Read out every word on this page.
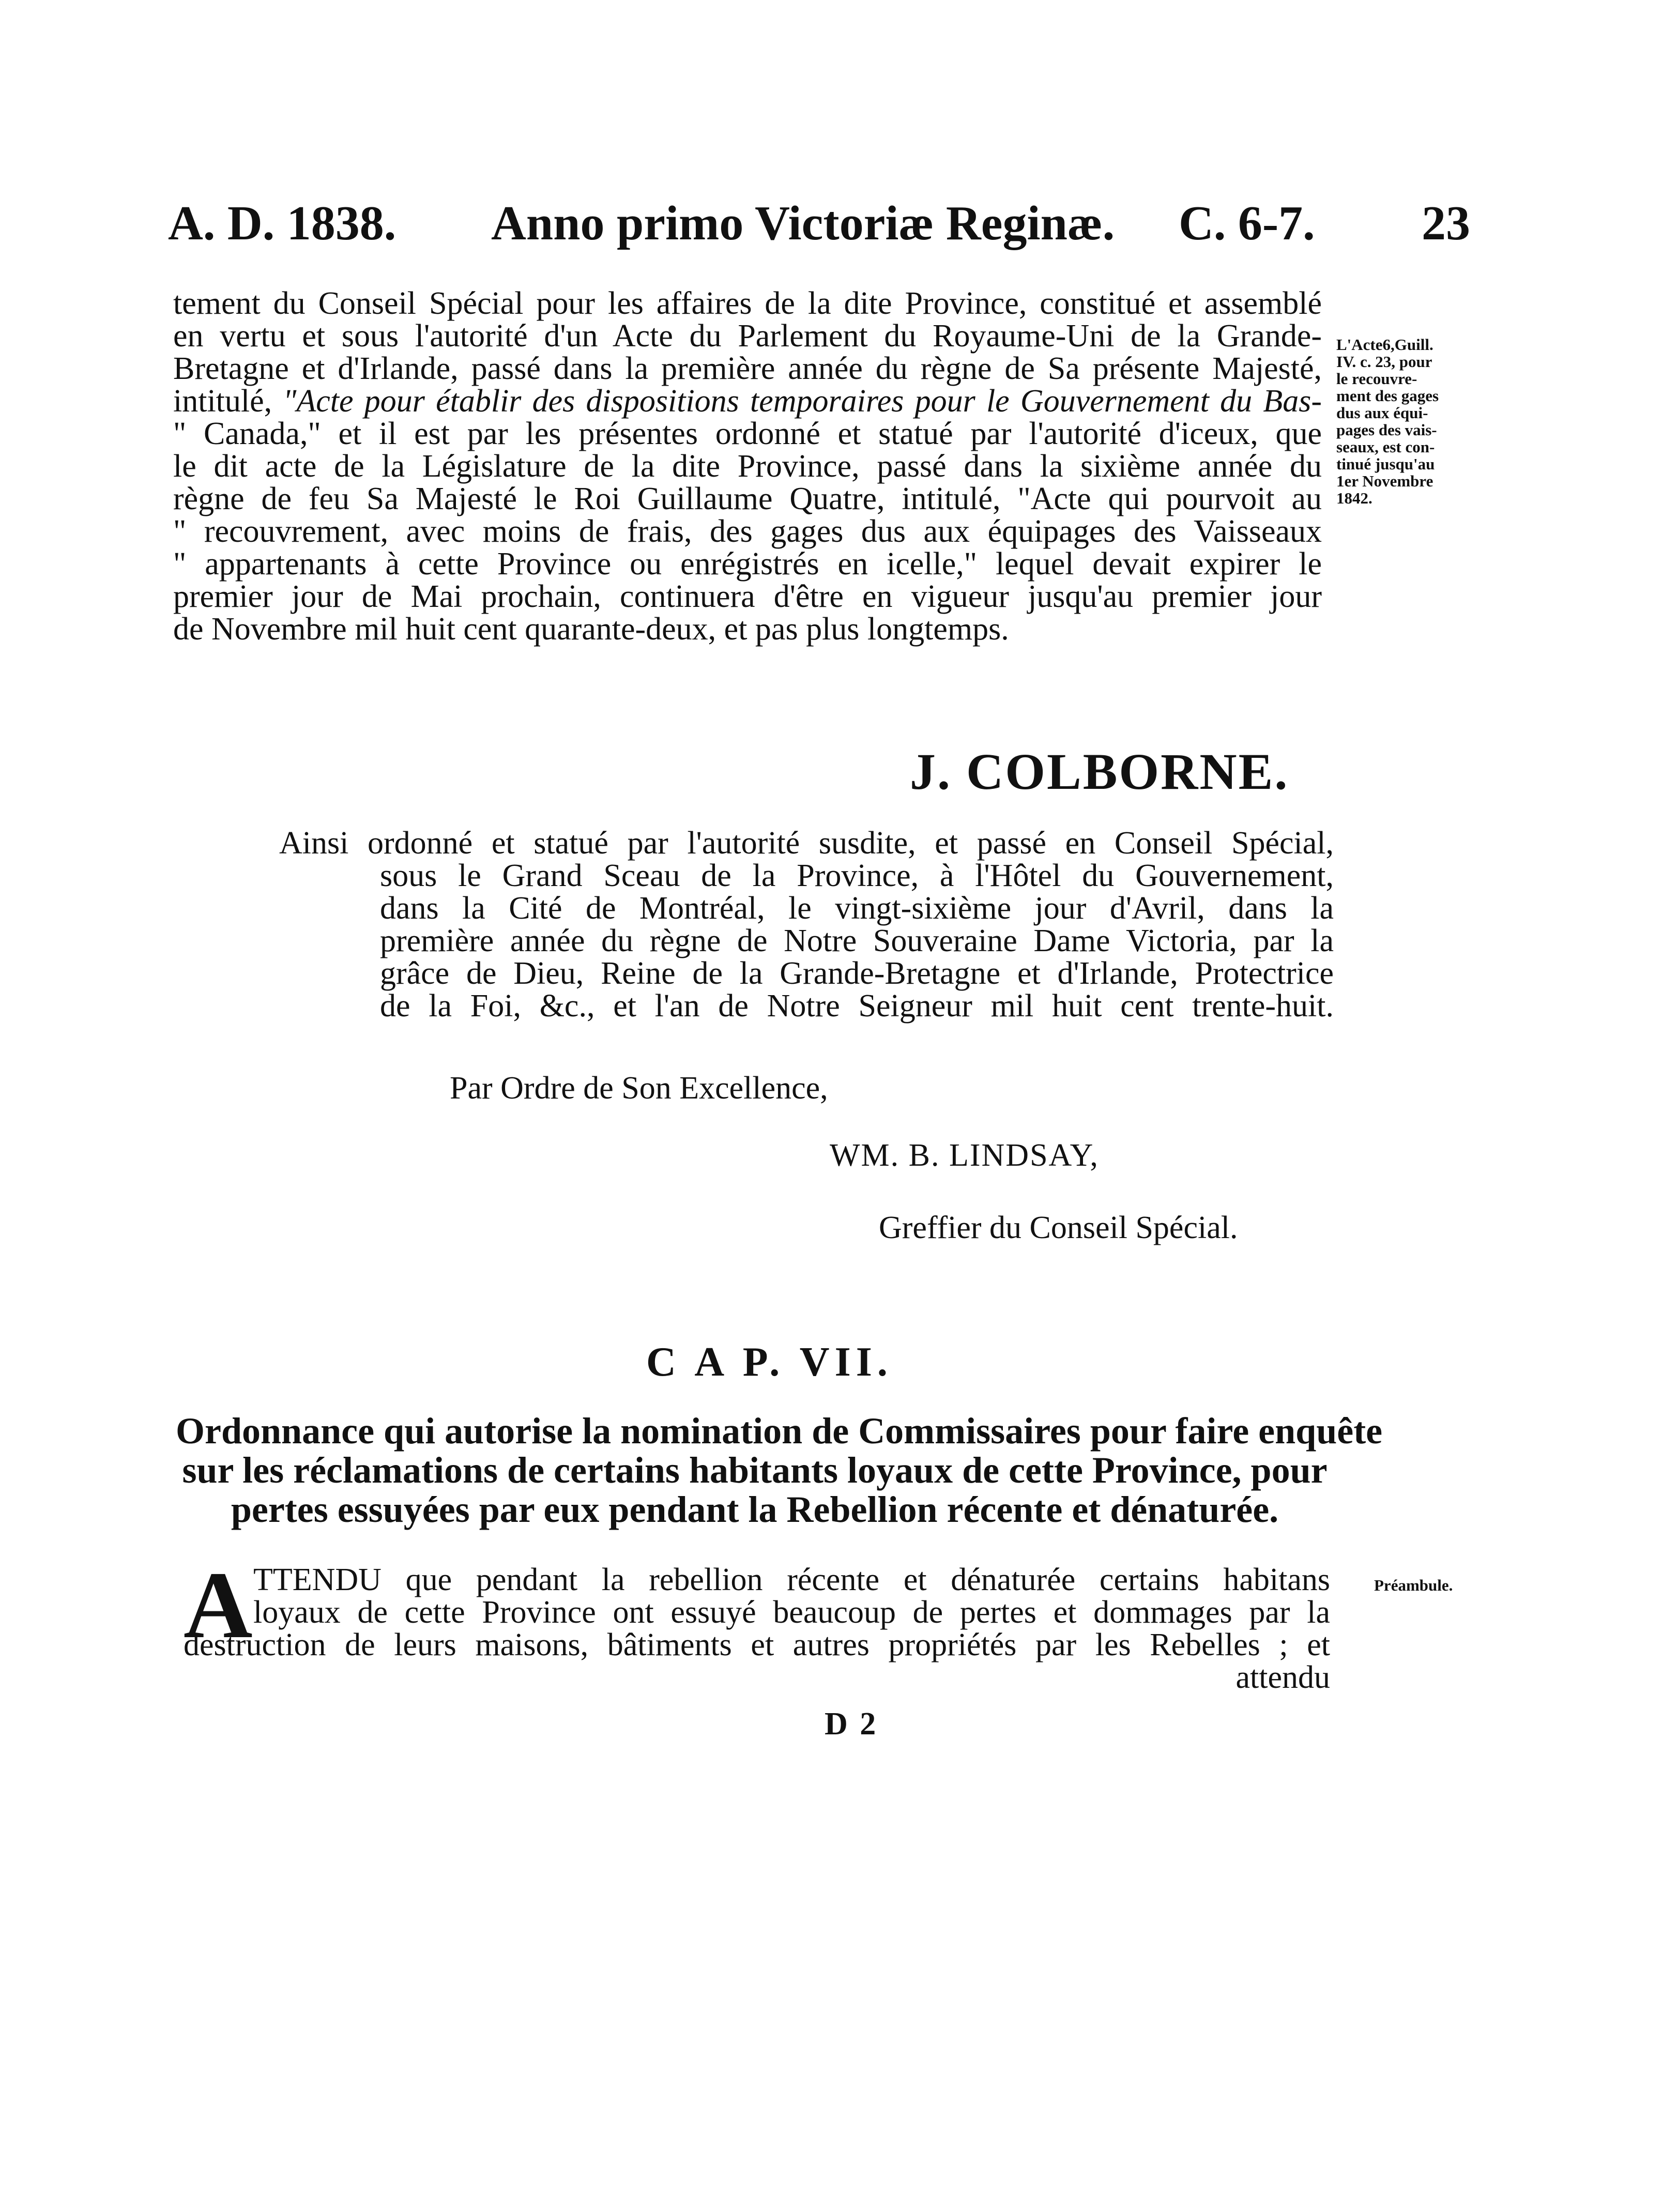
A. D. 1838. Anno primo Victoriæ Reginæ. C. 6-7. 23
tement du Conseil Spécial pour les affaires de la dite Province, constitué et assemblé
en vertu et sous l'autorité d'un Acte du Parlement du Royaume-Uni de la Grande-
Bretagne et d'Irlande, passé dans la première année du règne de Sa présente Majesté,
intitulé, "Acte pour établir des dispositions temporaires pour le Gouvernement du Bas-
" Canada," et il est par les présentes ordonné et statué par l'autorité d'iceux, que
le dit acte de la Législature de la dite Province, passé dans la sixième année du
règne de feu Sa Majesté le Roi Guillaume Quatre, intitulé, "Acte qui pourvoit au
" recouvrement, avec moins de frais, des gages dus aux équipages des Vaisseaux
" appartenants à cette Province ou enrégistrés en icelle," lequel devait expirer le
premier jour de Mai prochain, continuera d'être en vigueur jusqu'au premier jour
de Novembre mil huit cent quarante-deux, et pas plus longtemps.
L'Acte6,Guill.
IV. c. 23, pour
le recouvre-
ment des gages
dus aux équi-
pages des vais-
seaux, est con-
tinué jusqu'au
1er Novembre
1842.
J. COLBORNE.
Ainsi ordonné et statué par l'autorité susdite, et passé en Conseil Spécial,
sous le Grand Sceau de la Province, à l'Hôtel du Gouvernement,
dans la Cité de Montréal, le vingt-sixième jour d'Avril, dans la
première année du règne de Notre Souveraine Dame Victoria, par la
grâce de Dieu, Reine de la Grande-Bretagne et d'Irlande, Protectrice
de la Foi, &c., et l'an de Notre Seigneur mil huit cent trente-huit.
Par Ordre de Son Excellence,
WM. B. LINDSAY,
Greffier du Conseil Spécial.
C A P. VII.
Ordonnance qui autorise la nomination de Commissaires pour faire enquête
sur les réclamations de certains habitants loyaux de cette Province, pour
pertes essuyées par eux pendant la Rebellion récente et dénaturée.
A TTENDU que pendant la rebellion récente et dénaturée certains habitans
loyaux de cette Province ont essuyé beaucoup de pertes et dommages par la
destruction de leurs maisons, bâtiments et autres propriétés par les Rebelles ; et
attendu
Préambule.
D 2
